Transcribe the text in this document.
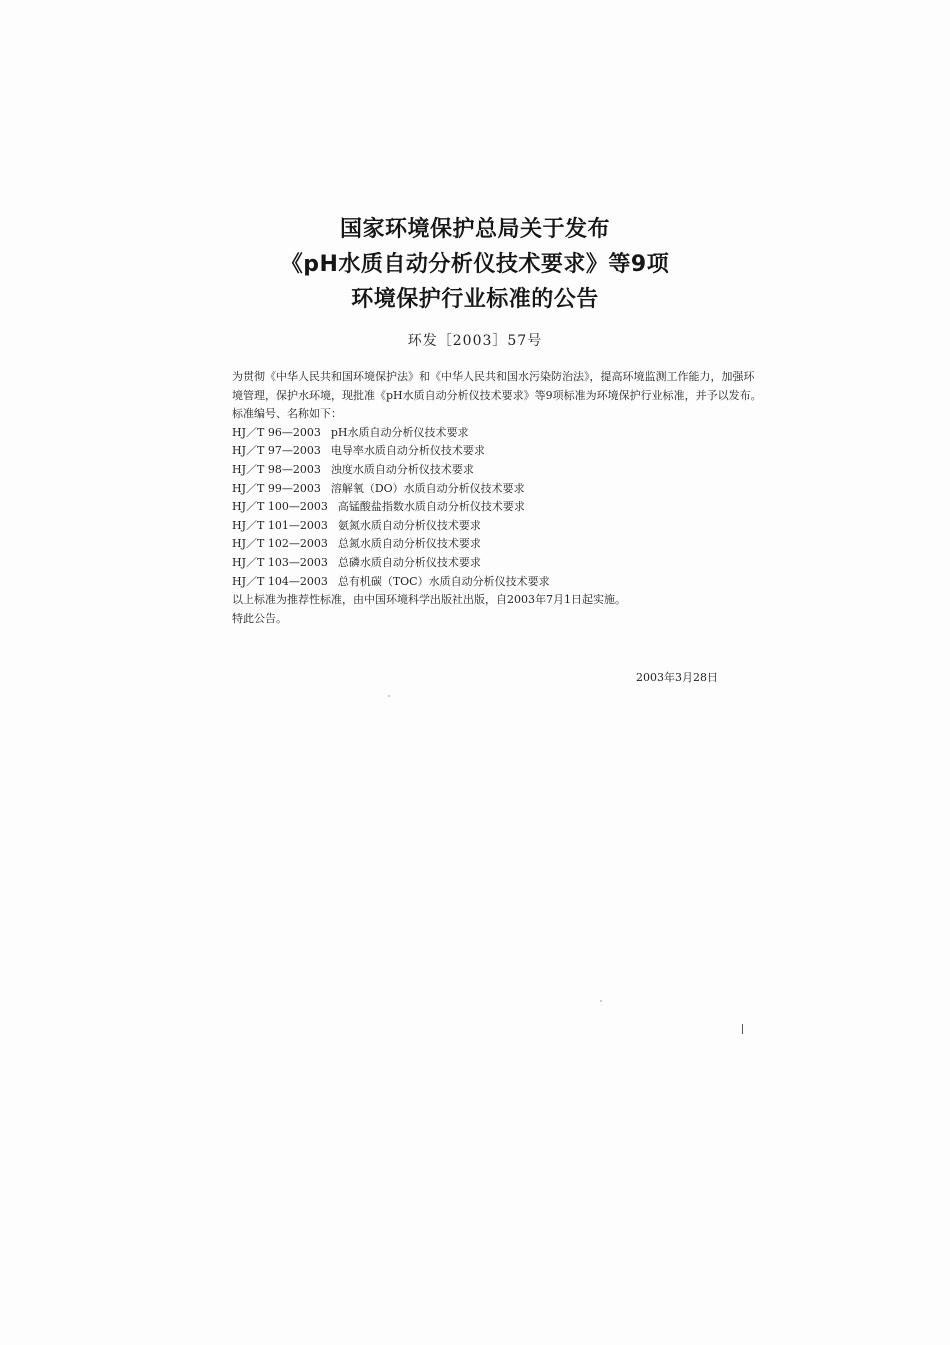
国家环境保护总局关于发布
《pH水质自动分析仪技术要求》等9项
环境保护行业标准的公告
环发［2003］57号

为贯彻《中华人民共和国环境保护法》和《中华人民共和国水污染防治法》，提高环境监测工作能力，加强环境管理，保护水环境，现批准《pH水质自动分析仪技术要求》等9项标准为环境保护行业标准，并予以发布。

标准编号、名称如下：

HJ／T 96—2003 pH水质自动分析仪技术要求

HJ／T 97—2003 电导率水质自动分析仪技术要求

HJ／T 98—2003 浊度水质自动分析仪技术要求

HJ／T 99—2003 溶解氧（DO）水质自动分析仪技术要求

HJ／T 100—2003 高锰酸盐指数水质自动分析仪技术要求

HJ／T 101—2003 氨氮水质自动分析仪技术要求

HJ／T 102—2003 总氮水质自动分析仪技术要求

HJ／T 103—2003 总磷水质自动分析仪技术要求

HJ／T 104—2003 总有机碳（TOC）水质自动分析仪技术要求

以上标准为推荐性标准，由中国环境科学出版社出版，自2003年7月1日起实施。

特此公告。

2003年3月28日
